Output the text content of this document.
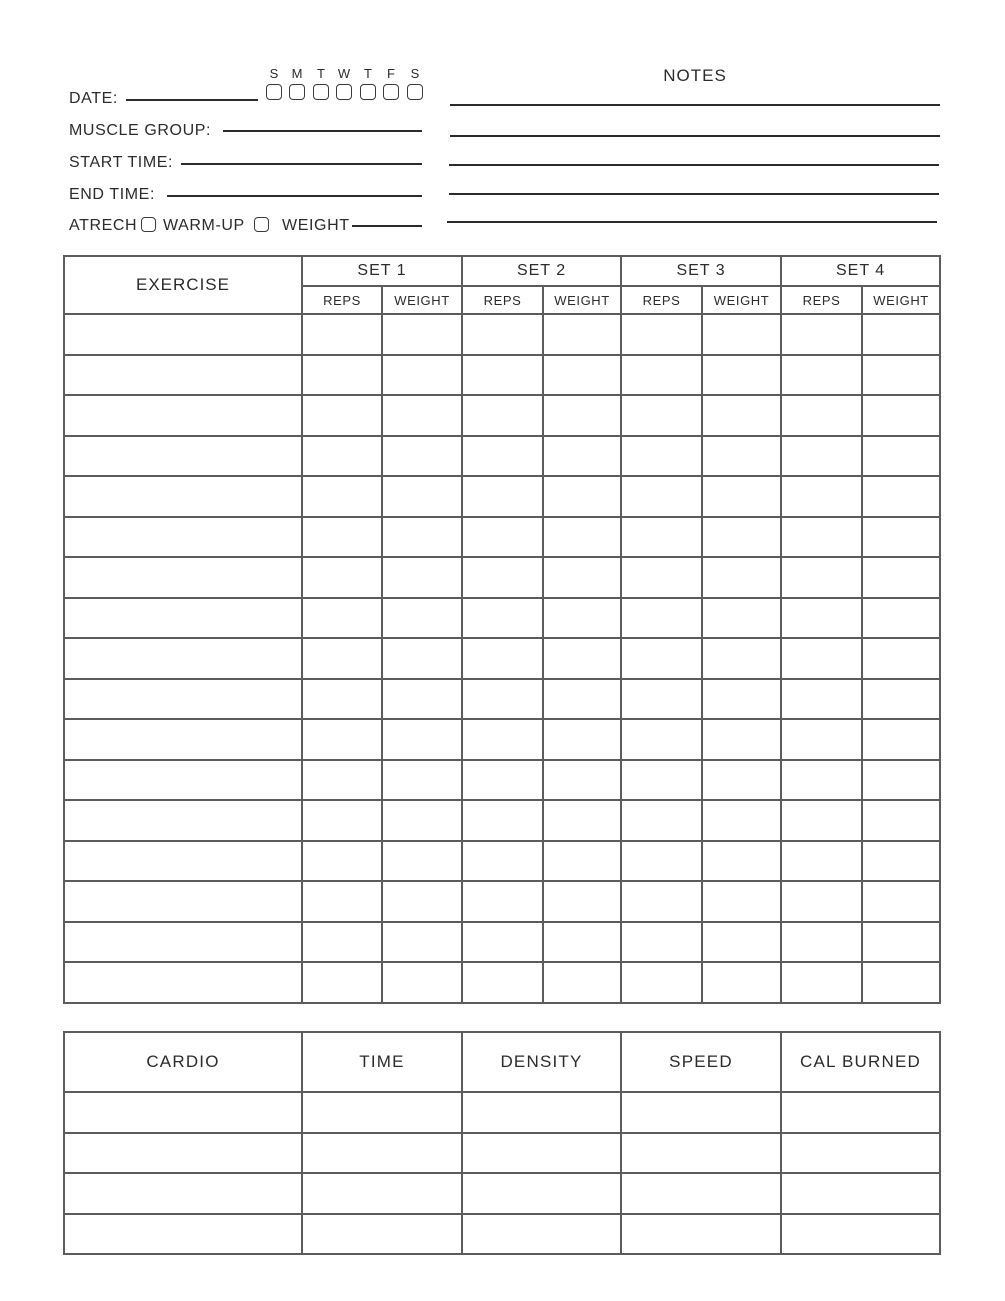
DATE:
S M	T W	T	F	S
MUSCLE GROUP:
START TIME:
END TIME:
ATRECH WARM-UP WEIGHT
NOTES
EXERCISE	SET 1		SET 2		SET 3		SET 4	
	REPS	WEIGHT	REPS	WEIGHT	REPS	WEIGHT	REPS	WEIGHT

CARDIO	TIME	DENSITY	SPEED	CAL BURNED
